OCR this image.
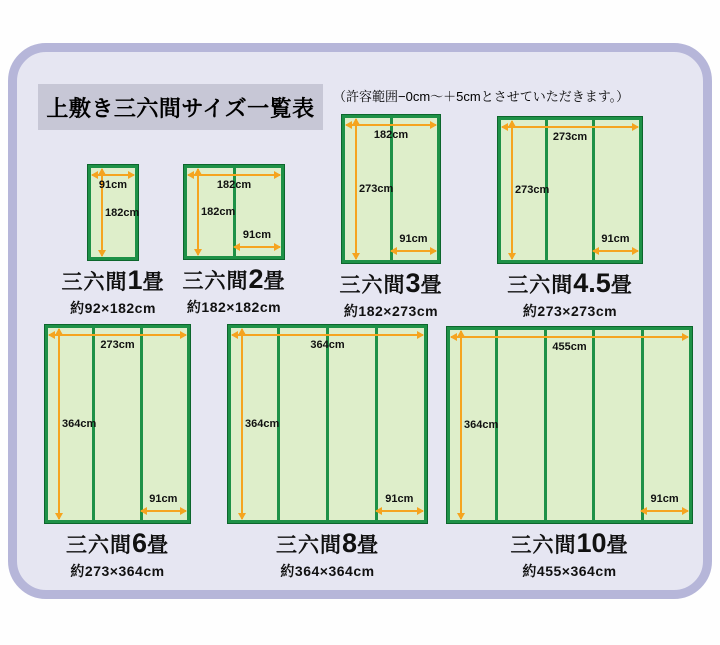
上敷き三六間サイズ一覧表	（許容範囲−0cm〜＋5cmとさせていただきます。）
91cm
182cm
三六間1畳
約92×182cm
182cm
182cm
91cm
三六間2畳
約182×182cm
182cm
273cm
91cm
三六間3畳
約182×273cm
273cm
273cm
91cm
三六間4.5畳
約273×273cm
273cm
364cm
91cm
三六間6畳
約273×364cm
364cm
364cm
91cm
三六間8畳
約364×364cm
455cm
364cm
91cm
三六間10畳
約455×364cm
